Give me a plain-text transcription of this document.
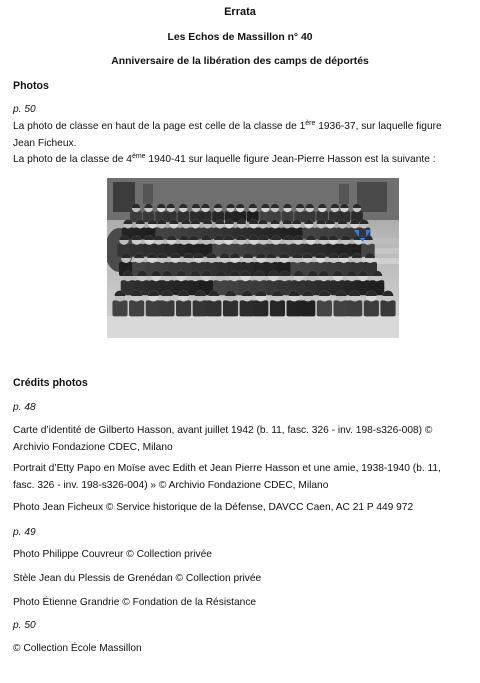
Errata
Les Echos de Massillon n° 40
Anniversaire de la libération des camps de déportés
Photos
p. 50
La photo de classe en haut de la page est celle de la classe de 1ère 1936-37, sur laquelle figure
Jean Ficheux.
La photo de la classe de 4ème 1940-41 sur laquelle figure Jean-Pierre Hasson est la suivante :
Crédits photos
p. 48
Carte d’identité de Gilberto Hasson, avant juillet 1942 (b. 11, fasc. 326 - inv. 198-s326-008) ©
Archivio Fondazione CDEC, Milano
Portrait d’Etty Papo en Moïse avec Edith et Jean Pierre Hasson et une amie, 1938-1940 (b. 11,
fasc. 326 - inv. 198-s326-004) » © Archivio Fondazione CDEC, Milano
Photo Jean Ficheux © Service historique de la Défense, DAVCC Caen, AC 21 P 449 972
p. 49
Photo Philippe Couvreur © Collection privée
Stèle Jean du Plessis de Grenédan © Collection privée
Photo Étienne Grandrie © Fondation de la Résistance
p. 50
© Collection École Massillon
